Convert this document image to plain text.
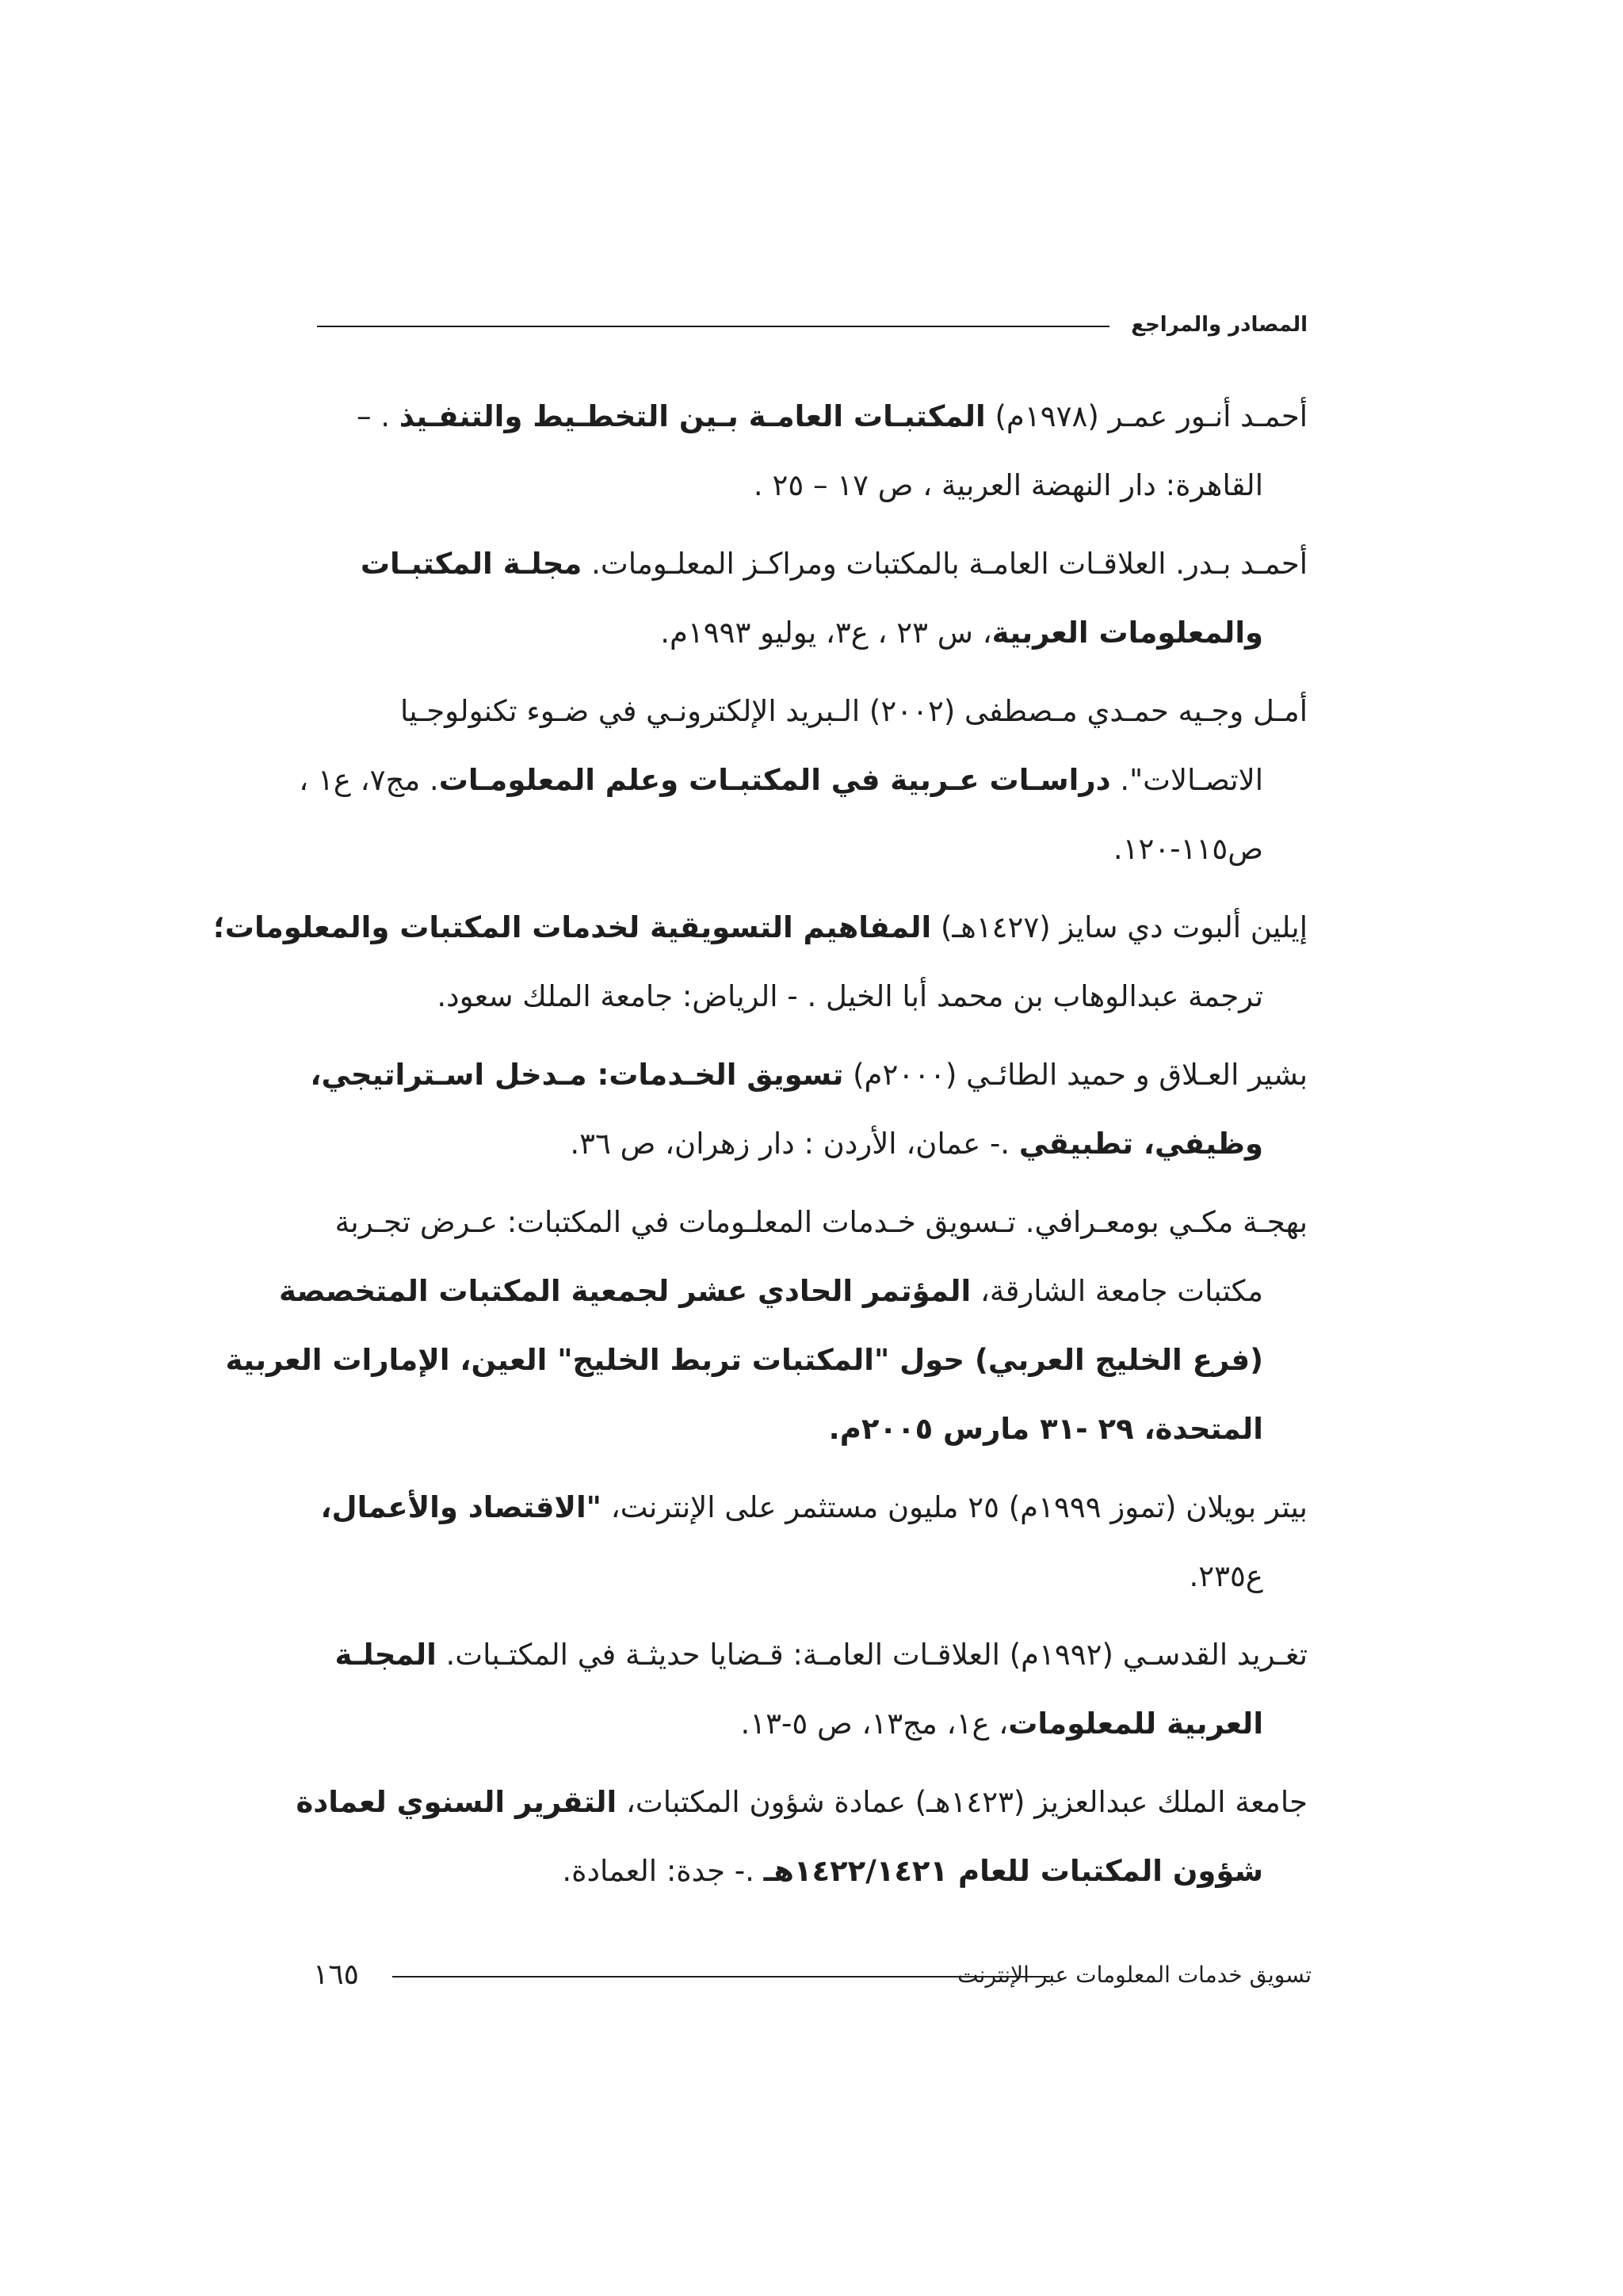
المصادر والمراجع
أحمـد أنـور عمـر (١٩٧٨م) المكتبـات العامـة بـين التخطـيط والتنفـيذ . –
القاهرة: دار النهضة العربية ، ص ١٧ – ٢٥ .
أحمـد بـدر. العلاقـات العامـة بالمكتبات ومراكـز المعلـومات. مجلـة المكتبـات
والمعلومات العربية، س ٢٣ ، ع٣، يوليو ١٩٩٣م.
أمـل وجـيه حمـدي مـصطفى (٢٠٠٢) الـبريد الإلكترونـي في ضـوء تكنولوجـيا
الاتصـالات". دراسـات عـربية في المكتبـات وعلم المعلومـات. مج٧، ع١ ،
ص١١٥-١٢٠.
إيلين ألبوت دي سايز (١٤٢٧هـ) المفاهيم التسويقية لخدمات المكتبات والمعلومات؛
ترجمة عبدالوهاب بن محمد أبا الخيل . - الرياض: جامعة الملك سعود.
بشير العـلاق و حميد الطائـي (٢٠٠٠م) تسويق الخـدمات: مـدخل اسـتراتيجي،
وظيفي، تطبيقي .- عمان، الأردن : دار زهران، ص ٣٦.
بهجـة مكـي بومعـرافي. تـسويق خـدمات المعلـومات في المكتبات: عـرض تجـربة
مكتبات جامعة الشارقة، المؤتمر الحادي عشر لجمعية المكتبات المتخصصة
(فرع الخليج العربي) حول "المكتبات تربط الخليج" العين، الإمارات العربية
المتحدة، ٢٩ -٣١ مارس ٢٠٠٥م.
بيتر بويلان (تموز ١٩٩٩م) ٢٥ مليون مستثمر على الإنترنت، "الاقتصاد والأعمال،
ع٢٣٥.
تغـريد القدسـي (١٩٩٢م) العلاقـات العامـة: قـضايا حديثـة في المكتـبات. المجلـة
العربية للمعلومات، ع١، مج١٣، ص ٥-١٣.
جامعة الملك عبدالعزيز (١٤٢٣هـ) عمادة شؤون المكتبات، التقرير السنوي لعمادة
شؤون المكتبات للعام ١٤٢٢/١٤٢١هـ .- جدة: العمادة.
تسويق خدمات المعلومات عبر الإنترنت
١٦٥
